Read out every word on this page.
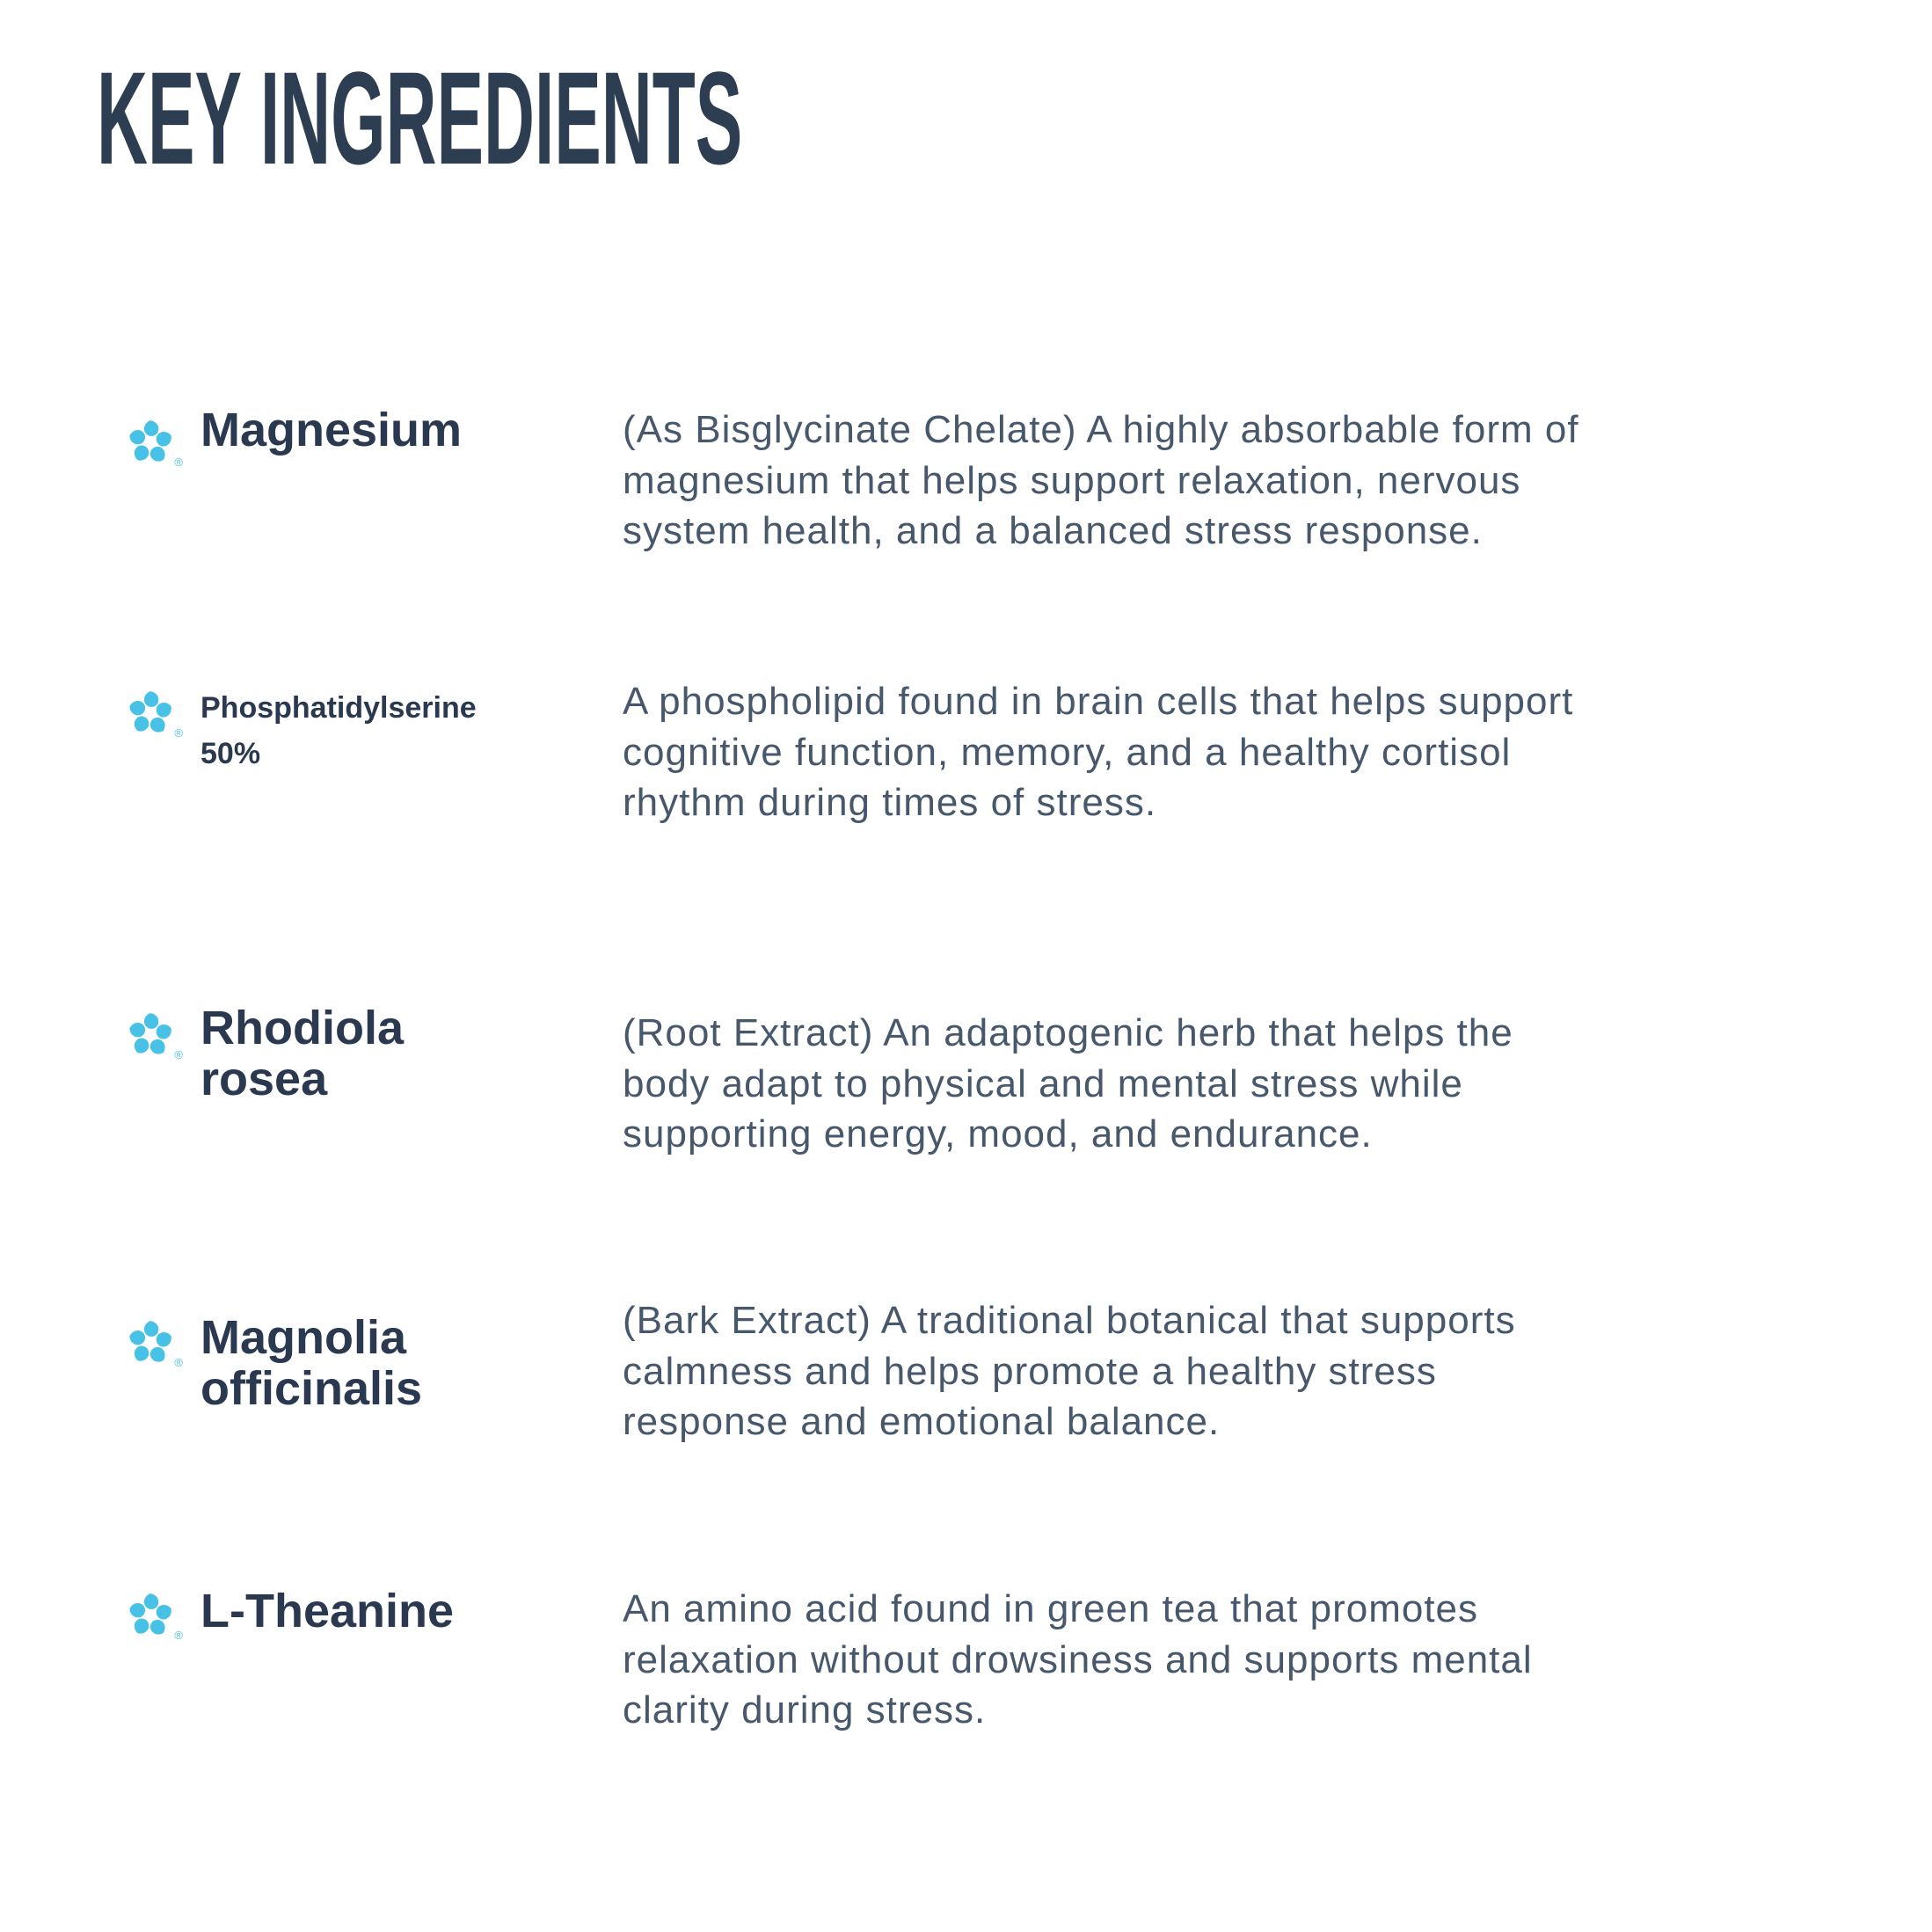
KEY INGREDIENTS
®
Magnesium	(As Bisglycinate Chelate) A highly absorbable form of
magnesium that helps support relaxation, nervous
system health, and a balanced stress response.
®
Phosphatidylserine
50%
A phospholipid found in brain cells that helps support
cognitive function, memory, and a healthy cortisol
rhythm during times of stress.
®
Rhodiola
rosea
(Root Extract) An adaptogenic herb that helps the
body adapt to physical and mental stress while
supporting energy, mood, and endurance.
® Magnolia
officinalis
(Bark Extract) A traditional botanical that supports
calmness and helps promote a healthy stress
response and emotional balance.
® L-Theanine	An amino acid found in green tea that promotes
relaxation without drowsiness and supports mental
clarity during stress.
